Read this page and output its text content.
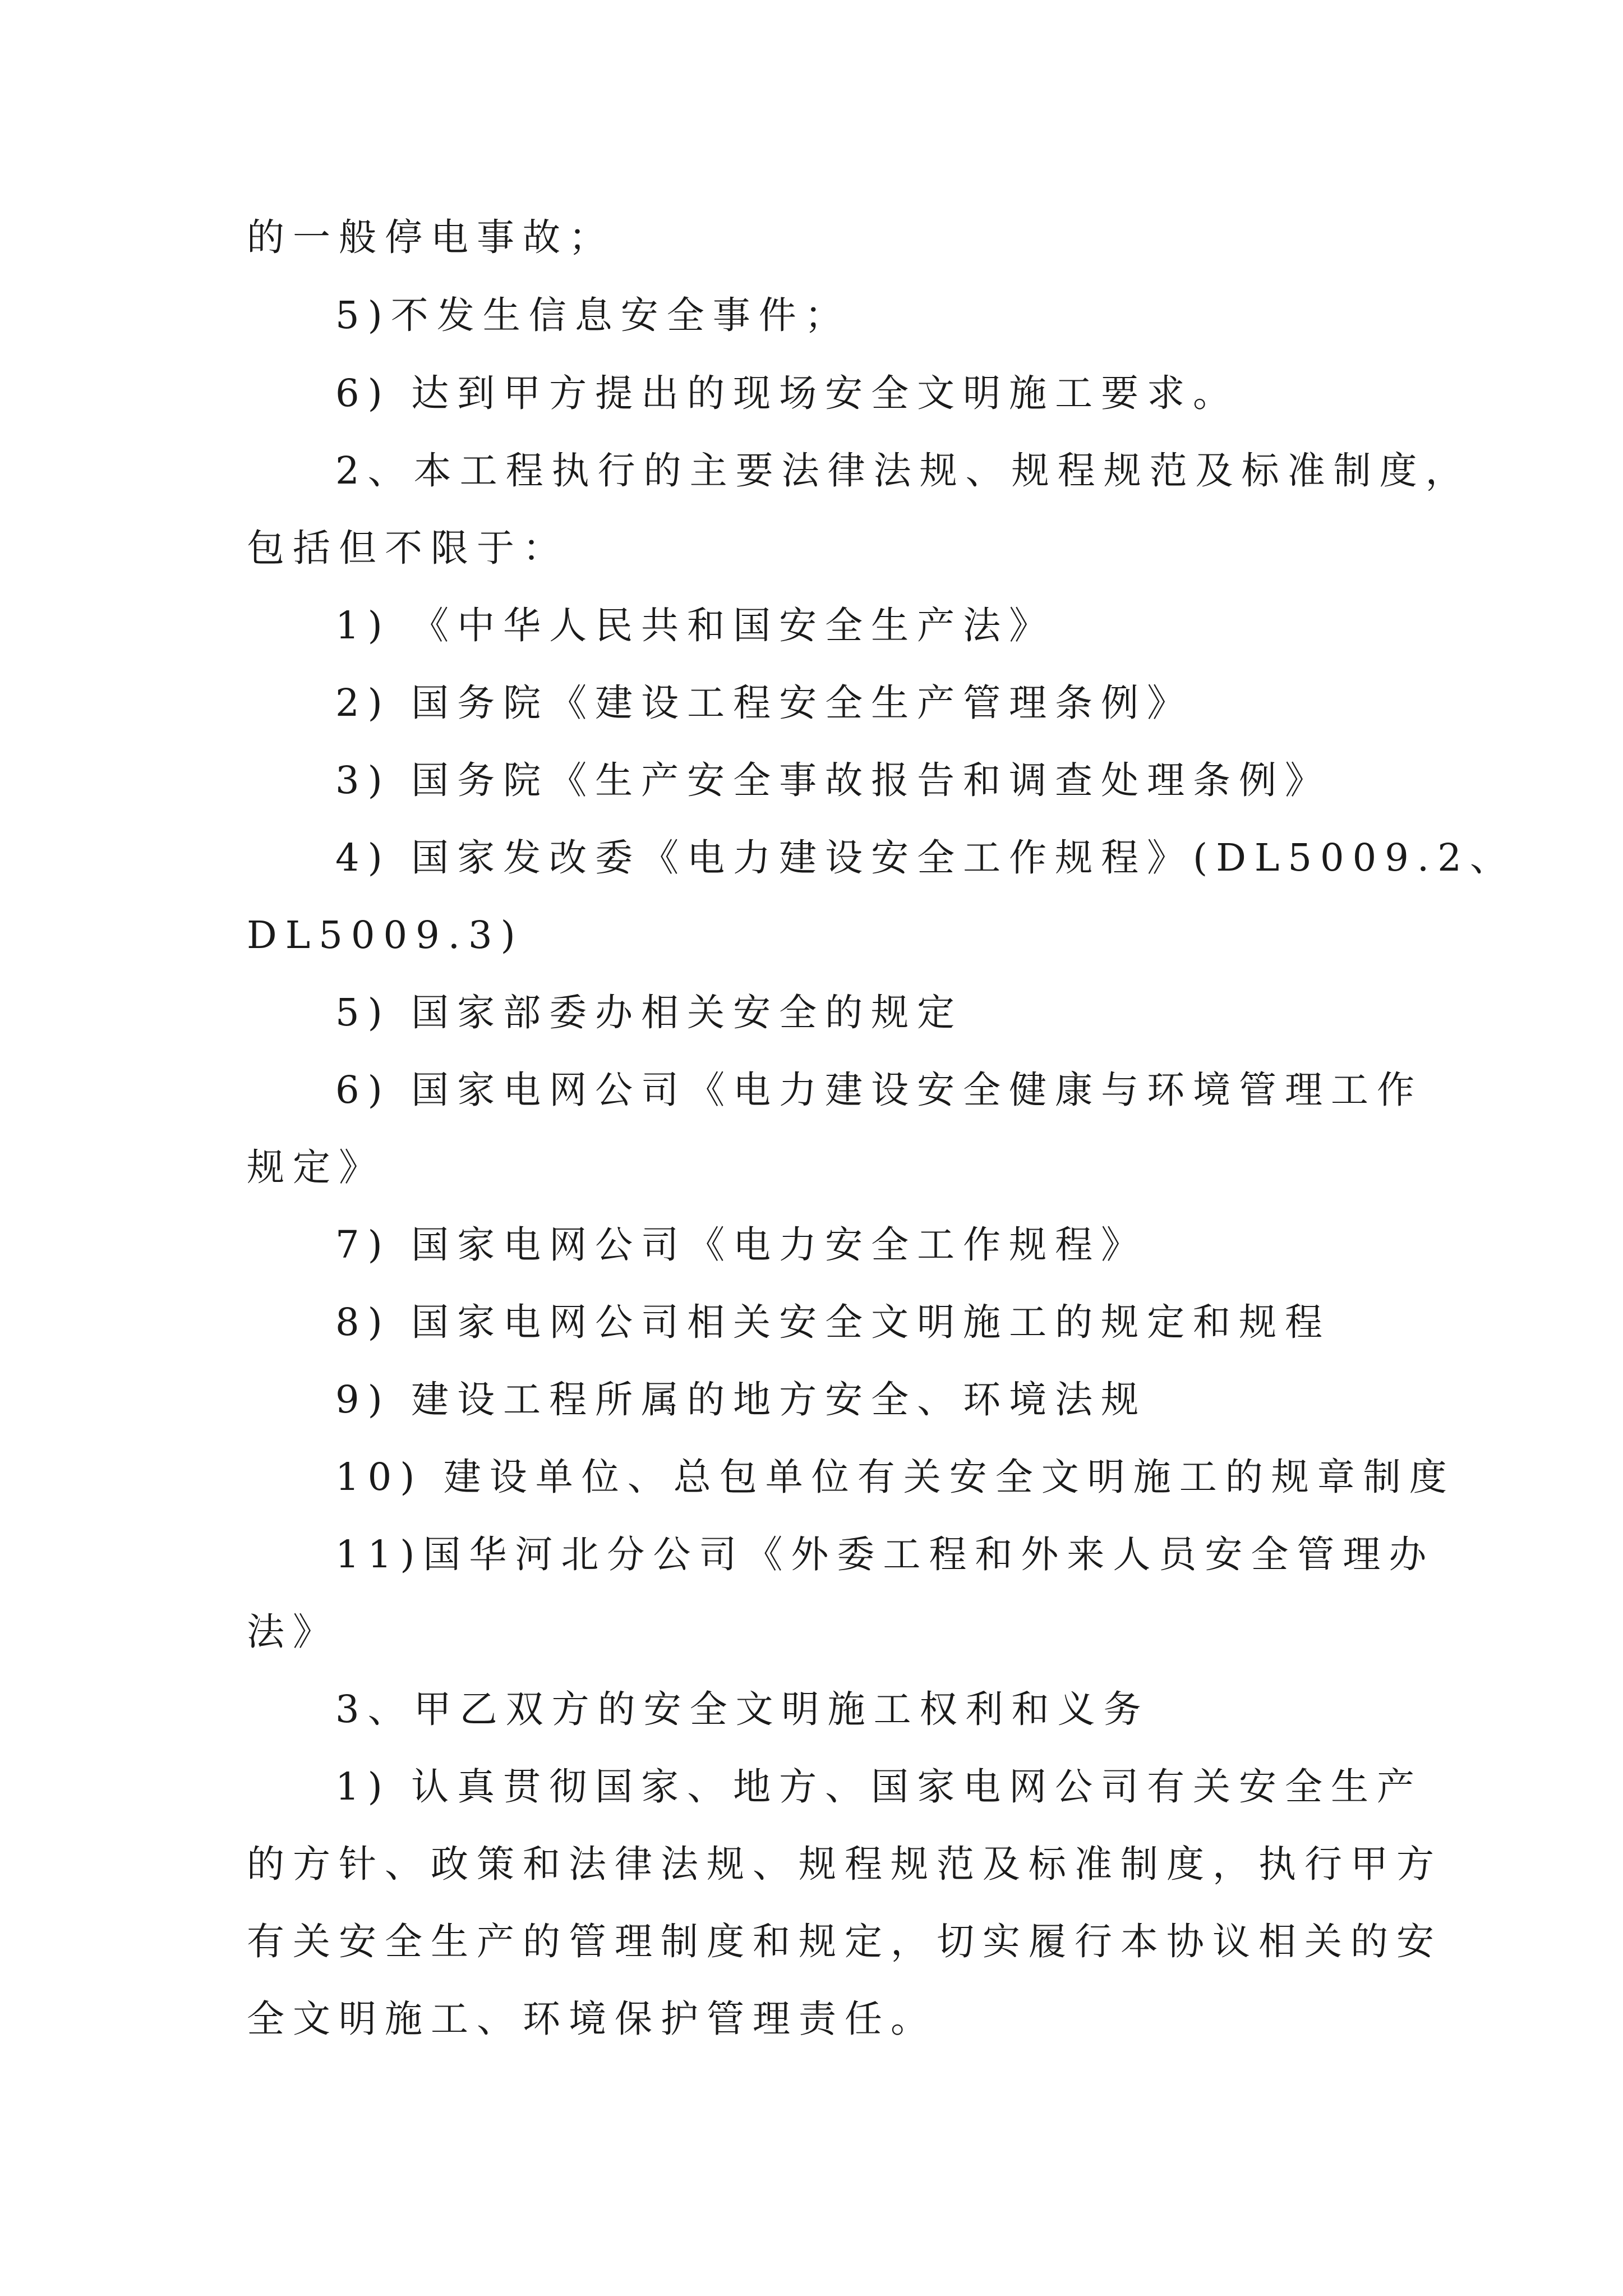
的一般停电事故；
5)不发生信息安全事件；
6) 达到甲方提出的现场安全文明施工要求。
2、本工程执行的主要法律法规、规程规范及标准制度，
包括但不限于：
1) 《中华人民共和国安全生产法》
2) 国务院《建设工程安全生产管理条例》
3) 国务院《生产安全事故报告和调查处理条例》
4) 国家发改委《电力建设安全工作规程》(DL5009.2、
DL5009.3)
5) 国家部委办相关安全的规定
6) 国家电网公司《电力建设安全健康与环境管理工作
规定》
7) 国家电网公司《电力安全工作规程》
8) 国家电网公司相关安全文明施工的规定和规程
9) 建设工程所属的地方安全、环境法规
10) 建设单位、总包单位有关安全文明施工的规章制度
11)国华河北分公司《外委工程和外来人员安全管理办
法》
3、甲乙双方的安全文明施工权利和义务
1) 认真贯彻国家、地方、国家电网公司有关安全生产
的方针、政策和法律法规、规程规范及标准制度，执行甲方
有关安全生产的管理制度和规定，切实履行本协议相关的安
全文明施工、环境保护管理责任。
